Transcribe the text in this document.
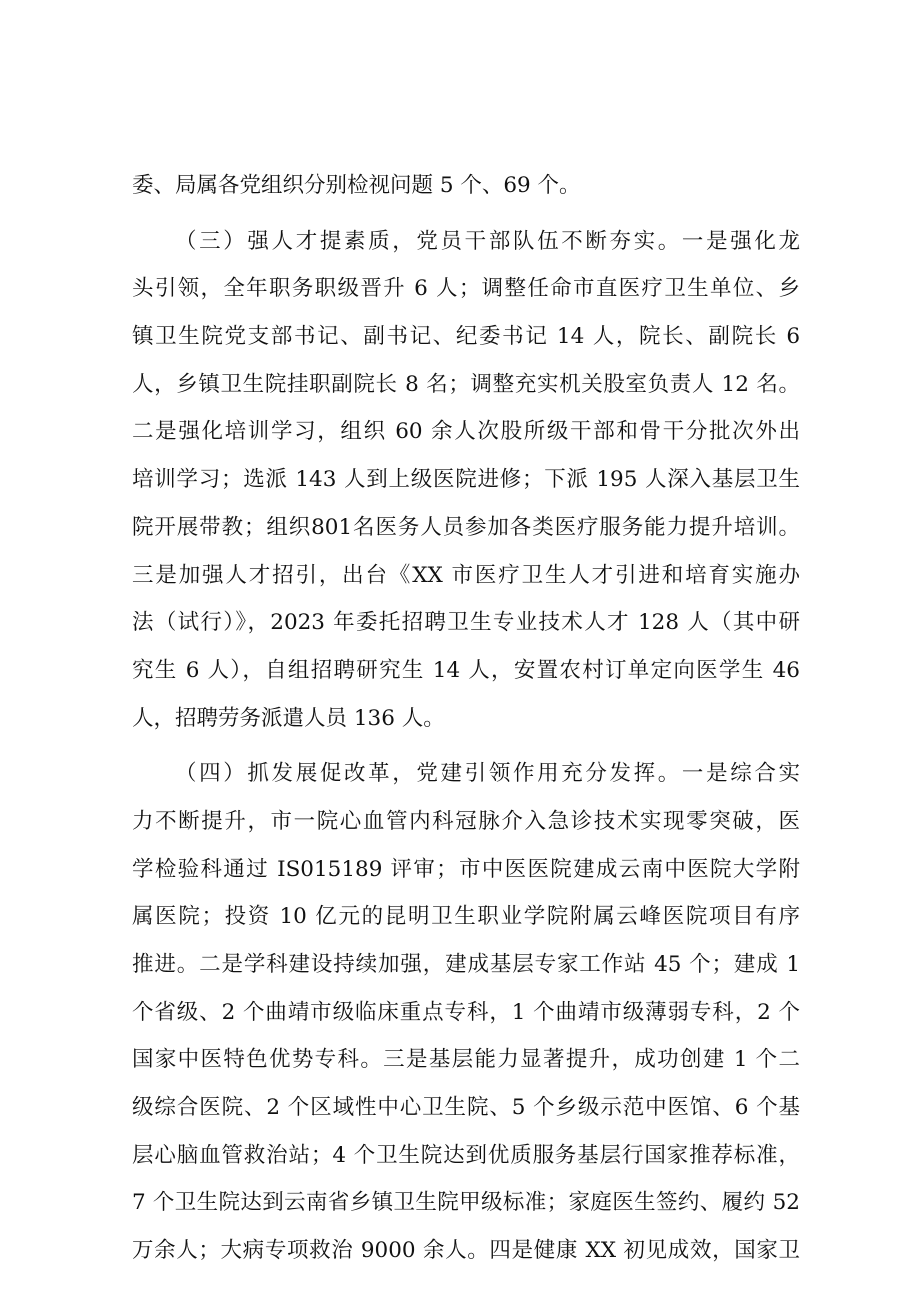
委、局属各党组织分别检视问题 5 个、69 个。
（三）强人才提素质，党员干部队伍不断夯实。一是强化龙
头引领，全年职务职级晋升 6 人；调整任命市直医疗卫生单位、乡
镇卫生院党支部书记、副书记、纪委书记 14 人，院长、副院长 6
人，乡镇卫生院挂职副院长 8 名；调整充实机关股室负责人 12 名。
二是强化培训学习，组织 60 余人次股所级干部和骨干分批次外出
培训学习；选派 143 人到上级医院进修；下派 195 人深入基层卫生
院开展带教；组织801名医务人员参加各类医疗服务能力提升培训。
三是加强人才招引，出台《XX 市医疗卫生人才引进和培育实施办
法（试行）》，2023 年委托招聘卫生专业技术人才 128 人（其中研
究生 6 人），自组招聘研究生 14 人，安置农村订单定向医学生 46
人，招聘劳务派遣人员 136 人。
（四）抓发展促改革，党建引领作用充分发挥。一是综合实
力不断提升，市一院心血管内科冠脉介入急诊技术实现零突破，医
学检验科通过 IS015189 评审；市中医医院建成云南中医院大学附
属医院；投资 10 亿元的昆明卫生职业学院附属云峰医院项目有序
推进。二是学科建设持续加强，建成基层专家工作站 45 个；建成 1
个省级、2 个曲靖市级临床重点专科，1 个曲靖市级薄弱专科，2 个
国家中医特色优势专科。三是基层能力显著提升，成功创建 1 个二
级综合医院、2 个区域性中心卫生院、5 个乡级示范中医馆、6 个基
层心脑血管救治站；4 个卫生院达到优质服务基层行国家推荐标准，
7 个卫生院达到云南省乡镇卫生院甲级标准；家庭医生签约、履约 52
万余人；大病专项救治 9000 余人。四是健康 XX 初见成效，国家卫
